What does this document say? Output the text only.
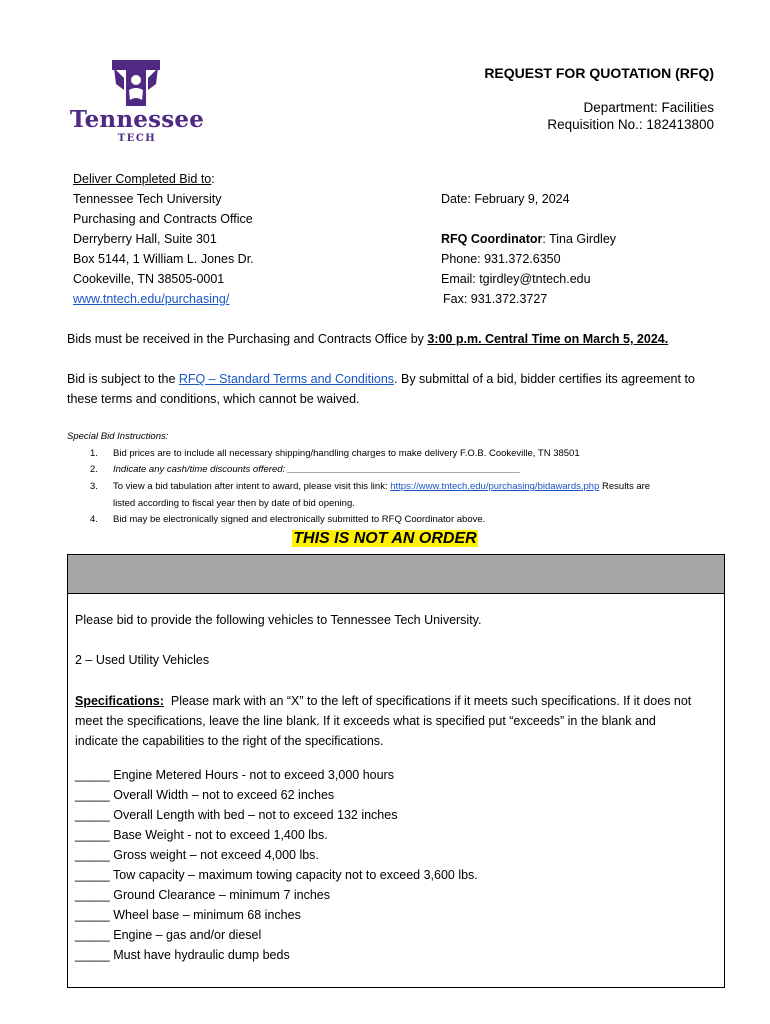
Tennessee
TECH
REQUEST FOR QUOTATION (RFQ)
Department: Facilities
Requisition No.: 182413800
Deliver Completed Bid to:
Tennessee Tech University
Purchasing and Contracts Office
Derryberry Hall, Suite 301
Box 5144, 1 William L. Jones Dr.
Cookeville, TN 38505-0001
www.tntech.edu/purchasing/
Date: February 9, 2024
RFQ Coordinator: Tina Girdley
Phone: 931.372.6350
Email: tgirdley@tntech.edu
Fax: 931.372.3727
Bids must be received in the Purchasing and Contracts Office by 3:00 p.m. Central Time on March 5, 2024.
Bid is subject to the RFQ – Standard Terms and Conditions. By submittal of a bid, bidder certifies its agreement to
these terms and conditions, which cannot be waived.
Special Bid Instructions:
1. Bid prices are to include all necessary shipping/handling charges to make delivery F.O.B. Cookeville, TN 38501
2. Indicate any cash/time discounts offered: ____________________________________________
3. To view a bid tabulation after intent to award, please visit this link: https://www.tntech.edu/purchasing/bidawards.php Results are
listed according to fiscal year then by date of bid opening.
4. Bid may be electronically signed and electronically submitted to RFQ Coordinator above.
THIS IS NOT AN ORDER
Please bid to provide the following vehicles to Tennessee Tech University.
2 – Used Utility Vehicles
Specifications:  Please mark with an “X” to the left of specifications if it meets such specifications. If it does not
meet the specifications, leave the line blank. If it exceeds what is specified put “exceeds” in the blank and
indicate the capabilities to the right of the specifications.
_____ Engine Metered Hours - not to exceed 3,000 hours
_____ Overall Width – not to exceed 62 inches
_____ Overall Length with bed – not to exceed 132 inches
_____ Base Weight - not to exceed 1,400 lbs.
_____ Gross weight – not exceed 4,000 lbs.
_____ Tow capacity – maximum towing capacity not to exceed 3,600 lbs.
_____ Ground Clearance – minimum 7 inches
_____ Wheel base – minimum 68 inches
_____ Engine – gas and/or diesel
_____ Must have hydraulic dump beds
